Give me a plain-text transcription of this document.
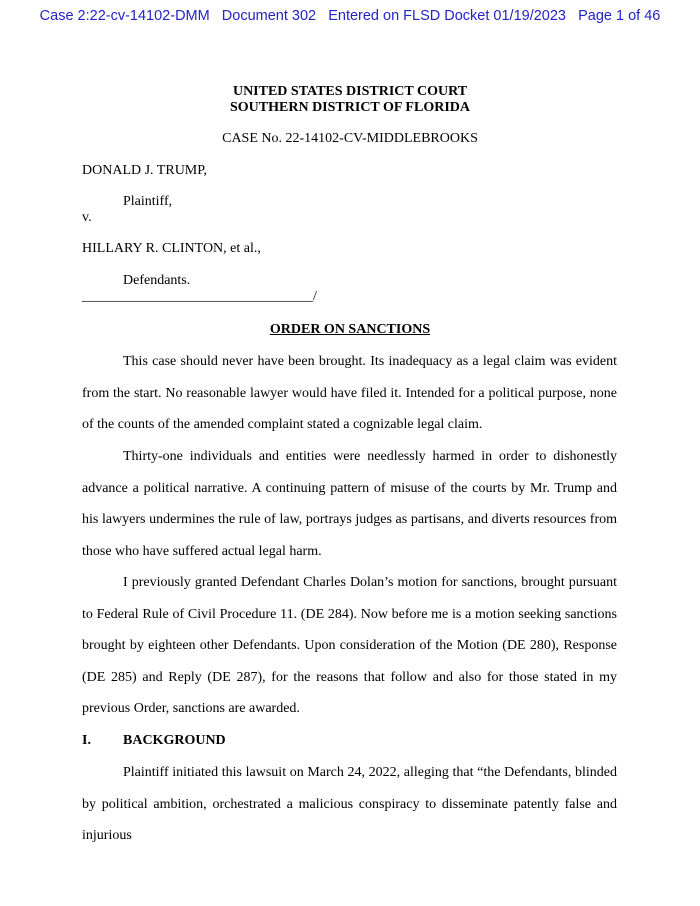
Case 2:22-cv-14102-DMM Document 302 Entered on FLSD Docket 01/19/2023 Page 1 of 46
UNITED STATES DISTRICT COURT
SOUTHERN DISTRICT OF FLORIDA
CASE No. 22-14102-CV-MIDDLEBROOKS
DONALD J. TRUMP,
Plaintiff,
v.
HILLARY R. CLINTON, et al.,
Defendants.
_________________________________/
ORDER ON SANCTIONS

This case should never have been brought. Its inadequacy as a legal claim was evident from the start. No reasonable lawyer would have filed it. Intended for a political purpose, none of the counts of the amended complaint stated a cognizable legal claim.

Thirty-one individuals and entities were needlessly harmed in order to dishonestly advance a political narrative. A continuing pattern of misuse of the courts by Mr. Trump and his lawyers undermines the rule of law, portrays judges as partisans, and diverts resources from those who have suffered actual legal harm.

I previously granted Defendant Charles Dolan’s motion for sanctions, brought pursuant to Federal Rule of Civil Procedure 11. (DE 284). Now before me is a motion seeking sanctions brought by eighteen other Defendants. Upon consideration of the Motion (DE 280), Response (DE 285) and Reply (DE 287), for the reasons that follow and also for those stated in my previous Order, sanctions are awarded.

I. BACKGROUND

Plaintiff initiated this lawsuit on March 24, 2022, alleging that “the Defendants, blinded by political ambition, orchestrated a malicious conspiracy to disseminate patently false and injurious
